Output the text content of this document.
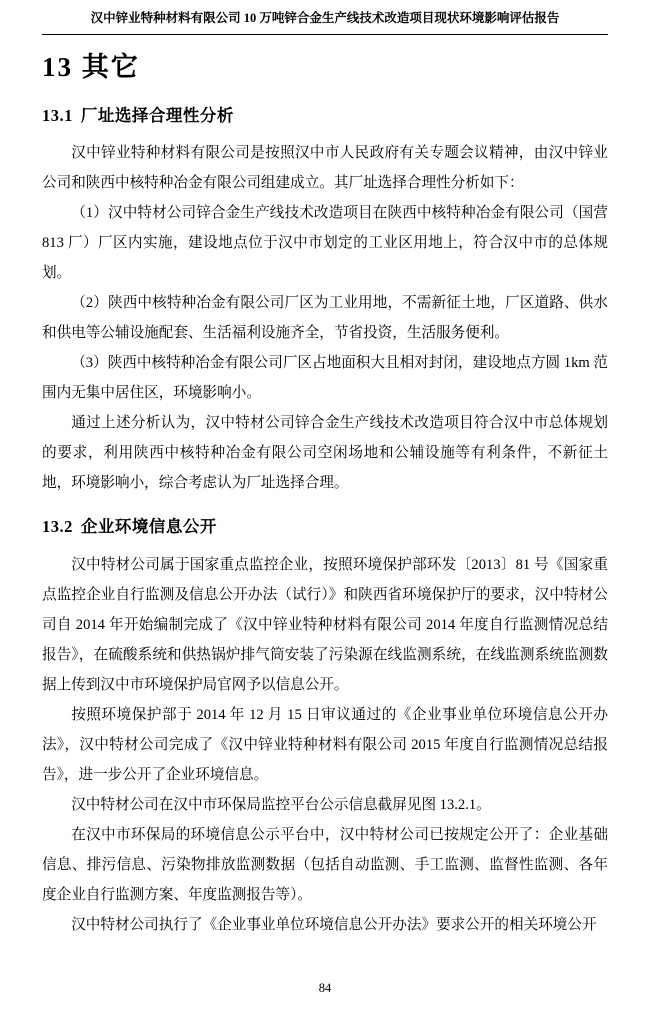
汉中锌业特种材料有限公司 10 万吨锌合金生产线技术改造项目现状环境影响评估报告
13 其它
13.1 厂址选择合理性分析

汉中锌业特种材料有限公司是按照汉中市人民政府有关专题会议精神，由汉中锌业公司和陕西中核特种冶金有限公司组建成立。其厂址选择合理性分析如下：

（1）汉中特材公司锌合金生产线技术改造项目在陕西中核特种冶金有限公司（国营 813 厂）厂区内实施，建设地点位于汉中市划定的工业区用地上，符合汉中市的总体规划。

（2）陕西中核特种冶金有限公司厂区为工业用地，不需新征土地，厂区道路、供水和供电等公辅设施配套、生活福利设施齐全，节省投资，生活服务便利。

（3）陕西中核特种冶金有限公司厂区占地面积大且相对封闭，建设地点方圆 1km 范围内无集中居住区，环境影响小。

通过上述分析认为，汉中特材公司锌合金生产线技术改造项目符合汉中市总体规划的要求，利用陕西中核特种冶金有限公司空闲场地和公辅设施等有利条件，不新征土地，环境影响小，综合考虑认为厂址选择合理。

13.2 企业环境信息公开

汉中特材公司属于国家重点监控企业，按照环境保护部环发〔2013〕81 号《国家重点监控企业自行监测及信息公开办法（试行）》和陕西省环境保护厅的要求，汉中特材公司自 2014 年开始编制完成了《汉中锌业特种材料有限公司 2014 年度自行监测情况总结报告》，在硫酸系统和供热锅炉排气筒安装了污染源在线监测系统，在线监测系统监测数据上传到汉中市环境保护局官网予以信息公开。

按照环境保护部于 2014 年 12 月 15 日审议通过的《企业事业单位环境信息公开办法》，汉中特材公司完成了《汉中锌业特种材料有限公司 2015 年度自行监测情况总结报告》，进一步公开了企业环境信息。

汉中特材公司在汉中市环保局监控平台公示信息截屏见图 13.2.1。

在汉中市环保局的环境信息公示平台中，汉中特材公司已按规定公开了：企业基础信息、排污信息、污染物排放监测数据（包括自动监测、手工监测、监督性监测、各年度企业自行监测方案、年度监测报告等）。

汉中特材公司执行了《企业事业单位环境信息公开办法》要求公开的相关环境公开

84
